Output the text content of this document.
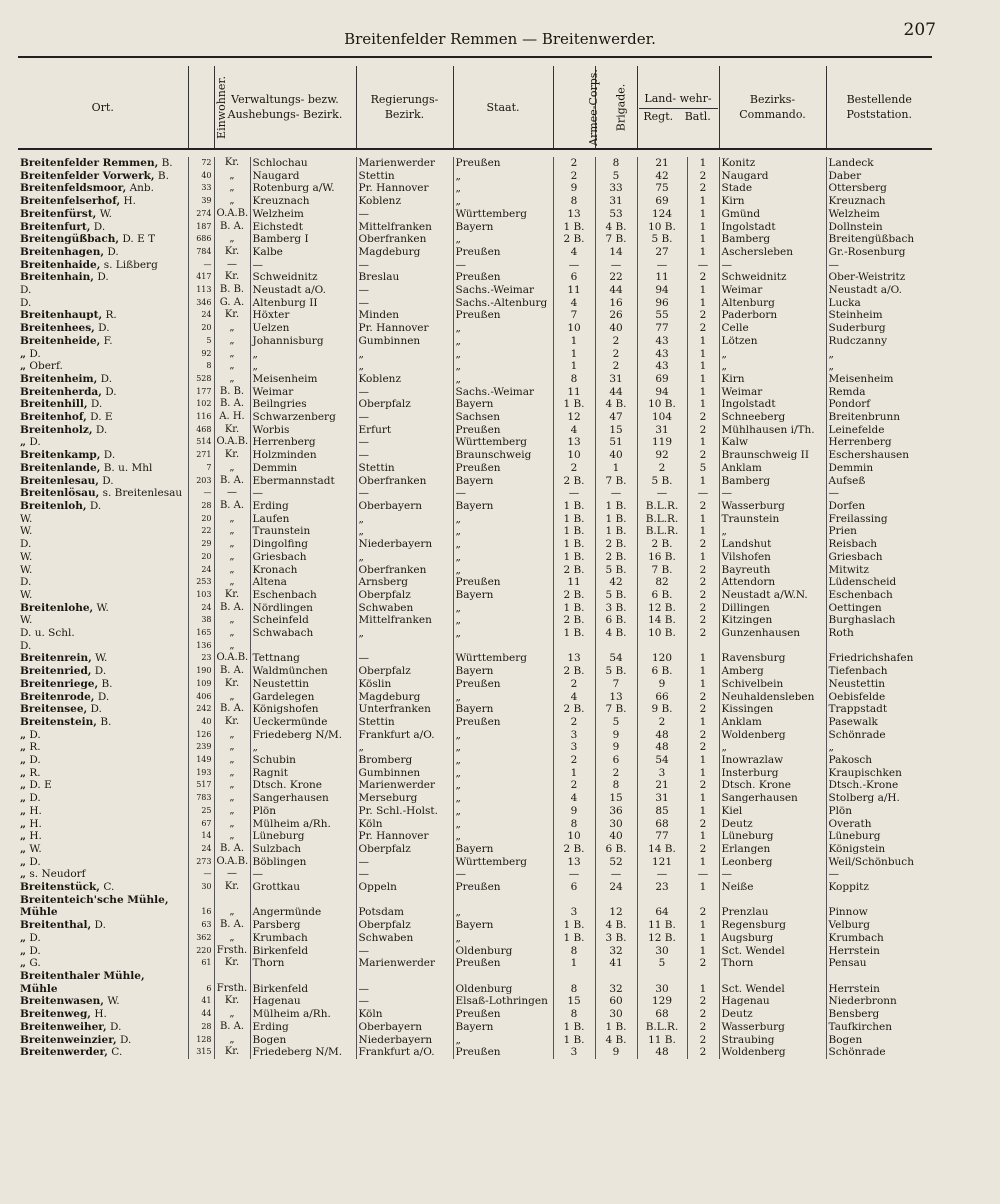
Breitenfelder Remmen — Breitenwerder.	207
Ort.	Einwohner.	Verwaltungs- bezw. Aushebungs- Bezirk.		Regierungs- Bezirk.	Staat.	Armee-Corps.	Brigade.	Land- wehr-
Regt. Batl.		Bezirks- Commando.	Bestellende Poststation.

Breitenfelder Remmen, B.	72	Kr.	Schlochau	Marienwerder	Preußen	2	8	21	1	Konitz	Landeck
Breitenfelder Vorwerk, B.	40	„	Naugard	Stettin	„	2	5	42	2	Naugard	Daber
Breitenfeldsmoor, Anb.	33	„	Rotenburg a/W.	Pr. Hannover	„	9	33	75	2	Stade	Ottersberg
Breitenfelserhof, H.	39	„	Kreuznach	Koblenz	„	8	31	69	1	Kirn	Kreuznach
Breitenfürst, W.	274	O.A.B.	Welzheim	—	Württemberg	13	53	124	1	Gmünd	Welzheim
Breitenfurt, D.	187	B. A.	Eichstedt	Mittelfranken	Bayern	1 B.	4 B.	10 B.	1	Ingolstadt	Dollnstein
Breitengüßbach, D. E T	686	„	Bamberg I	Oberfranken	„	2 B.	7 B.	5 B.	1	Bamberg	Breitengüßbach
Breitenhagen, D.	784	Kr.	Kalbe	Magdeburg	Preußen	4	14	27	1	Aschersleben	Gr.-Rosenburg
Breitenhaide, s. Lißberg	—	—	—	—	—	—	—	—	—	—	—
Breitenhain, D.	417	Kr.	Schweidnitz	Breslau	Preußen	6	22	11	2	Schweidnitz	Ober-Weistritz
D.	113	B. B.	Neustadt a/O.	—	Sachs.-Weimar	11	44	94	1	Weimar	Neustadt a/O.
D.	346	G. A.	Altenburg II	—	Sachs.-Altenburg	4	16	96	1	Altenburg	Lucka
Breitenhaupt, R.	24	Kr.	Höxter	Minden	Preußen	7	26	55	2	Paderborn	Steinheim
Breitenhees, D.	20	„	Uelzen	Pr. Hannover	„	10	40	77	2	Celle	Suderburg
Breitenheide, F.	5	„	Johannisburg	Gumbinnen	„	1	2	43	1	Lötzen	Rudczanny
„ D.	92	„	„	„	„	1	2	43	1	„	„
„ Oberf.	8	„	„	„	„	1	2	43	1	„	„
Breitenheim, D.	528	„	Meisenheim	Koblenz	„	8	31	69	1	Kirn	Meisenheim
Breitenherda, D.	177	B. B.	Weimar	—	Sachs.-Weimar	11	44	94	1	Weimar	Remda
Breitenhill, D.	102	B. A.	Beilngries	Oberpfalz	Bayern	1 B.	4 B.	10 B.	1	Ingolstadt	Pondorf
Breitenhof, D. E	116	A. H.	Schwarzenberg	—	Sachsen	12	47	104	2	Schneeberg	Breitenbrunn
Breitenholz, D.	468	Kr.	Worbis	Erfurt	Preußen	4	15	31	2	Mühlhausen i/Th.	Leinefelde
„ D.	514	O.A.B.	Herrenberg	—	Württemberg	13	51	119	1	Kalw	Herrenberg
Breitenkamp, D.	271	Kr.	Holzminden	—	Braunschweig	10	40	92	2	Braunschweig II	Eschershausen
Breitenlande, B. u. Mhl	7	„	Demmin	Stettin	Preußen	2	1	2	5	Anklam	Demmin
Breitenlesau, D.	203	B. A.	Ebermannstadt	Oberfranken	Bayern	2 B.	7 B.	5 B.	1	Bamberg	Aufseß
Breitenlösau, s. Breitenlesau	—	—	—	—	—	—	—	—	—	—	—
Breitenloh, D.	28	B. A.	Erding	Oberbayern	Bayern	1 B.	1 B.	B.L.R.	2	Wasserburg	Dorfen
W.	20	„	Laufen	„	„	1 B.	1 B.	B.L.R.	1	Traunstein	Freilassing
W.	22	„	Traunstein	„	„	1 B.	1 B.	B.L.R.	1	„	Prien
D.	29	„	Dingolfing	Niederbayern	„	1 B.	2 B.	2 B.	2	Landshut	Reisbach
W.	20	„	Griesbach	„	„	1 B.	2 B.	16 B.	1	Vilshofen	Griesbach
W.	24	„	Kronach	Oberfranken	„	2 B.	5 B.	7 B.	2	Bayreuth	Mitwitz
D.	253	„	Altena	Arnsberg	Preußen	11	42	82	2	Attendorn	Lüdenscheid
W.	103	Kr.	Eschenbach	Oberpfalz	Bayern	2 B.	5 B.	6 B.	2	Neustadt a/W.N.	Eschenbach
Breitenlohe, W.	24	B. A.	Nördlingen	Schwaben	„	1 B.	3 B.	12 B.	2	Dillingen	Oettingen
W.	38	„	Scheinfeld	Mittelfranken	„	2 B.	6 B.	14 B.	2	Kitzingen	Burghaslach
D. u. Schl.	165	„	Schwabach	„	„	1 B.	4 B.	10 B.	2	Gunzenhausen	Roth
D.	136	„									
Breitenrein, W.	23	O.A.B.	Tettnang	—	Württemberg	13	54	120	1	Ravensburg	Friedrichshafen
Breitenried, D.	190	B. A.	Waldmünchen	Oberpfalz	Bayern	2 B.	5 B.	6 B.	1	Amberg	Tiefenbach
Breitenriege, B.	109	Kr.	Neustettin	Köslin	Preußen	2	7	9	1	Schivelbein	Neustettin
Breitenrode, D.	406	„	Gardelegen	Magdeburg	„	4	13	66	2	Neuhaldensleben	Oebisfelde
Breitensee, D.	242	B. A.	Königshofen	Unterfranken	Bayern	2 B.	7 B.	9 B.	2	Kissingen	Trappstadt
Breitenstein, B.	40	Kr.	Ueckermünde	Stettin	Preußen	2	5	2	1	Anklam	Pasewalk
„ D.	126	„	Friedeberg N/M.	Frankfurt a/O.	„	3	9	48	2	Woldenberg	Schönrade
„ R.	239	„	„	„	„	3	9	48	2	„	„
„ D.	149	„	Schubin	Bromberg	„	2	6	54	1	Inowrazlaw	Pakosch
„ R.	193	„	Ragnit	Gumbinnen	„	1	2	3	1	Insterburg	Kraupischken
„ D. E	517	„	Dtsch. Krone	Marienwerder	„	2	8	21	2	Dtsch. Krone	Dtsch.-Krone
„ D.	783	„	Sangerhausen	Merseburg	„	4	15	31	1	Sangerhausen	Stolberg a/H.
„ H.	25	„	Plön	Pr. Schl.-Holst.	„	9	36	85	1	Kiel	Plön
„ H.	67	„	Mülheim a/Rh.	Köln	„	8	30	68	2	Deutz	Overath
„ H.	14	„	Lüneburg	Pr. Hannover	„	10	40	77	1	Lüneburg	Lüneburg
„ W.	24	B. A.	Sulzbach	Oberpfalz	Bayern	2 B.	6 B.	14 B.	2	Erlangen	Königstein
„ D.	273	O.A.B.	Böblingen	—	Württemberg	13	52	121	1	Leonberg	Weil/Schönbuch
„ s. Neudorf	—	—	—	—	—	—	—	—	—	—	—
Breitenstück, C.	30	Kr.	Grottkau	Oppeln	Preußen	6	24	23	1	Neiße	Koppitz
Breitenteich'sche Mühle,											
Mühle	16	„	Angermünde	Potsdam	„	3	12	64	2	Prenzlau	Pinnow
Breitenthal, D.	63	B. A.	Parsberg	Oberpfalz	Bayern	1 B.	4 B.	11 B.	1	Regensburg	Velburg
„ D.	362	„	Krumbach	Schwaben	„	1 B.	3 B.	12 B.	1	Augsburg	Krumbach
„ D.	220	Frsth.	Birkenfeld	—	Oldenburg	8	32	30	1	Sct. Wendel	Herrstein
„ G.	61	Kr.	Thorn	Marienwerder	Preußen	1	41	5	2	Thorn	Pensau
Breitenthaler Mühle,											
Mühle	6	Frsth.	Birkenfeld	—	Oldenburg	8	32	30	1	Sct. Wendel	Herrstein
Breitenwasen, W.	41	Kr.	Hagenau	—	Elsaß-Lothringen	15	60	129	2	Hagenau	Niederbronn
Breitenweg, H.	44	„	Mülheim a/Rh.	Köln	Preußen	8	30	68	2	Deutz	Bensberg
Breitenweiher, D.	28	B. A.	Erding	Oberbayern	Bayern	1 B.	1 B.	B.L.R.	2	Wasserburg	Taufkirchen
Breitenweinzier, D.	128	„	Bogen	Niederbayern	„	1 B.	4 B.	11 B.	2	Straubing	Bogen
Breitenwerder, C.	315	Kr.	Friedeberg N/M.	Frankfurt a/O.	Preußen	3	9	48	2	Woldenberg	Schönrade
